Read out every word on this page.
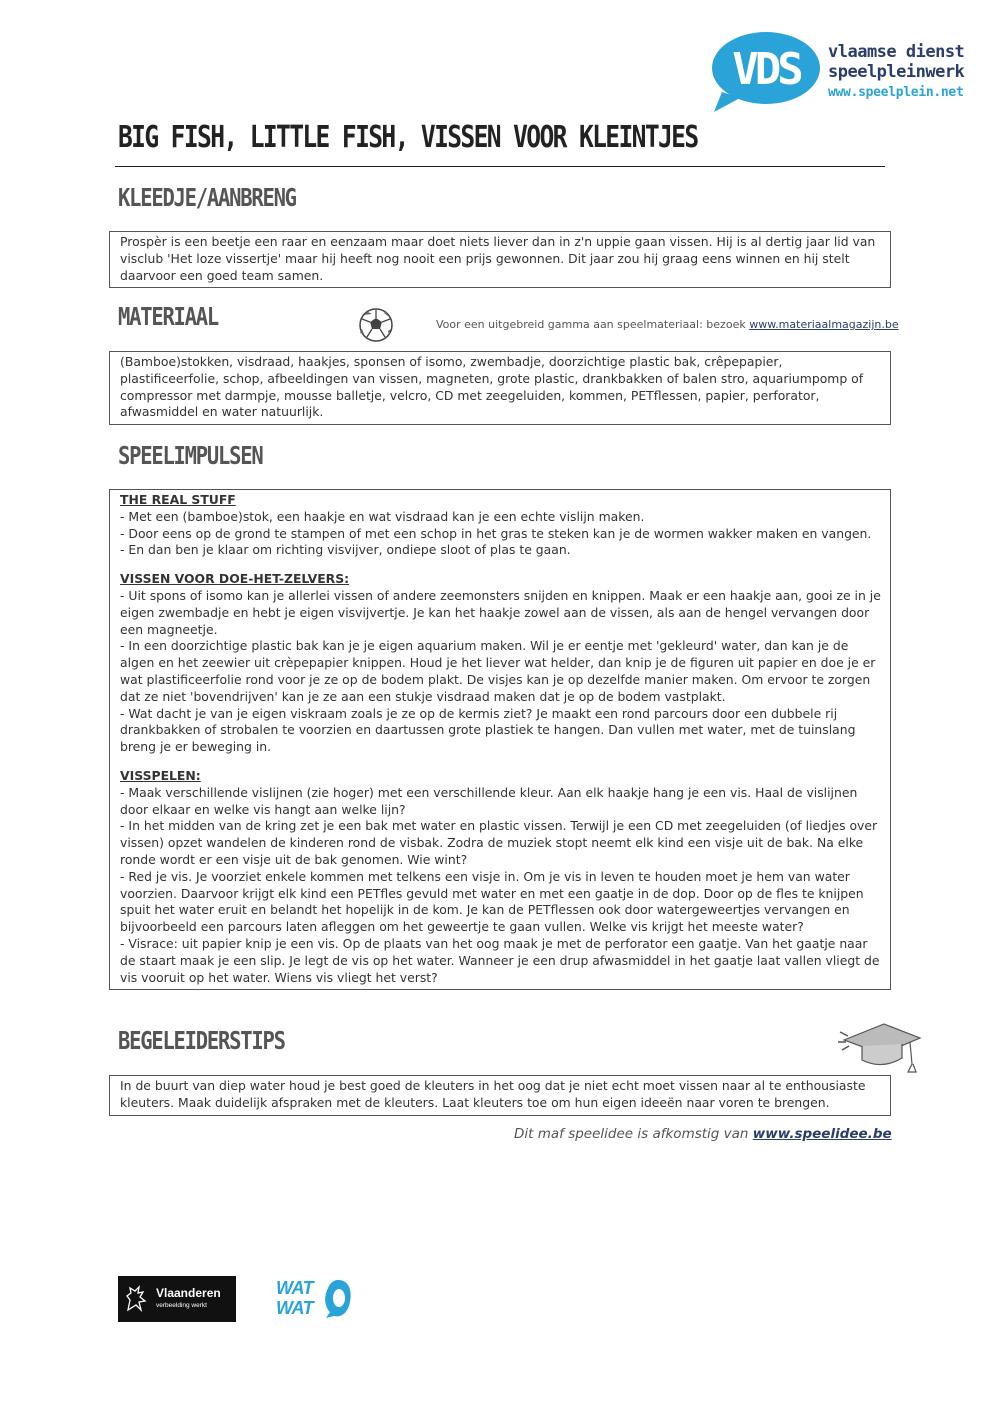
VDS vlaamse dienst
speelpleinwerk
www.speelplein.net
BIG FISH, LITTLE FISH, VISSEN VOOR KLEINTJES
KLEEDJE/AANBRENG

Prospèr is een beetje een raar en eenzaam maar doet niets liever dan in z'n uppie gaan vissen. Hij is al dertig jaar lid van visclub 'Het loze vissertje' maar hij heeft nog nooit een prijs gewonnen. Dit jaar zou hij graag eens winnen en hij stelt daarvoor een goed team samen.

MATERIAAL	Voor een uitgebreid gamma aan speelmateriaal: bezoek www.materiaalmagazijn.be

(Bamboe)stokken, visdraad, haakjes, sponsen of isomo, zwembadje, doorzichtige plastic bak, crêpepapier, plastificeerfolie, schop, afbeeldingen van vissen, magneten, grote plastic, drankbakken of balen stro, aquariumpomp of compressor met darmpje, mousse balletje, velcro, CD met zeegeluiden, kommen, PETflessen, papier, perforator, afwasmiddel en water natuurlijk.

SPEELIMPULSEN

THE REAL STUFF

- Met een (bamboe)stok, een haakje en wat visdraad kan je een echte vislijn maken.

- Door eens op de grond te stampen of met een schop in het gras te steken kan je de wormen wakker maken en vangen.

- En dan ben je klaar om richting visvijver, ondiepe sloot of plas te gaan.

VISSEN VOOR DOE-HET-ZELVERS:

- Uit spons of isomo kan je allerlei vissen of andere zeemonsters snijden en knippen. Maak er een haakje aan, gooi ze in je eigen zwembadje en hebt je eigen visvijvertje. Je kan het haakje zowel aan de vissen, als aan de hengel vervangen door een magneetje.

- In een doorzichtige plastic bak kan je je eigen aquarium maken. Wil je er eentje met 'gekleurd' water, dan kan je de algen en het zeewier uit crèpepapier knippen. Houd je het liever wat helder, dan knip je de figuren uit papier en doe je er wat plastificeerfolie rond voor je ze op de bodem plakt. De visjes kan je op dezelfde manier maken. Om ervoor te zorgen dat ze niet 'bovendrijven' kan je ze aan een stukje visdraad maken dat je op de bodem vastplakt.

- Wat dacht je van je eigen viskraam zoals je ze op de kermis ziet? Je maakt een rond parcours door een dubbele rij drankbakken of strobalen te voorzien en daartussen grote plastiek te hangen. Dan vullen met water, met de tuinslang breng je er beweging in.

VISSPELEN:

- Maak verschillende vislijnen (zie hoger) met een verschillende kleur. Aan elk haakje hang je een vis. Haal de vislijnen door elkaar en welke vis hangt aan welke lijn?

- In het midden van de kring zet je een bak met water en plastic vissen. Terwijl je een CD met zeegeluiden (of liedjes over vissen) opzet wandelen de kinderen rond de visbak. Zodra de muziek stopt neemt elk kind een visje uit de bak. Na elke ronde wordt er een visje uit de bak genomen. Wie wint?

- Red je vis. Je voorziet enkele kommen met telkens een visje in. Om je vis in leven te houden moet je hem van water voorzien. Daarvoor krijgt elk kind een PETfles gevuld met water en met een gaatje in de dop. Door op de fles te knijpen spuit het water eruit en belandt het hopelijk in de kom. Je kan de PETflessen ook door watergeweertjes vervangen en bijvoorbeeld een parcours laten afleggen om het geweertje te gaan vullen. Welke vis krijgt het meeste water?

- Visrace: uit papier knip je een vis. Op de plaats van het oog maak je met de perforator een gaatje. Van het gaatje naar de staart maak je een slip. Je legt de vis op het water. Wanneer je een drup afwasmiddel in het gaatje laat vallen vliegt de vis vooruit op het water. Wiens vis vliegt het verst?

BEGELEIDERSTIPS

In de buurt van diep water houd je best goed de kleuters in het oog dat je niet echt moet vissen naar al te enthousiaste kleuters. Maak duidelijk afspraken met de kleuters. Laat kleuters toe om hun eigen ideeën naar voren te brengen.

Dit maf speelidee is afkomstig van www.speelidee.be
Vlaanderen
verbeelding werkt
WAT
WAT
